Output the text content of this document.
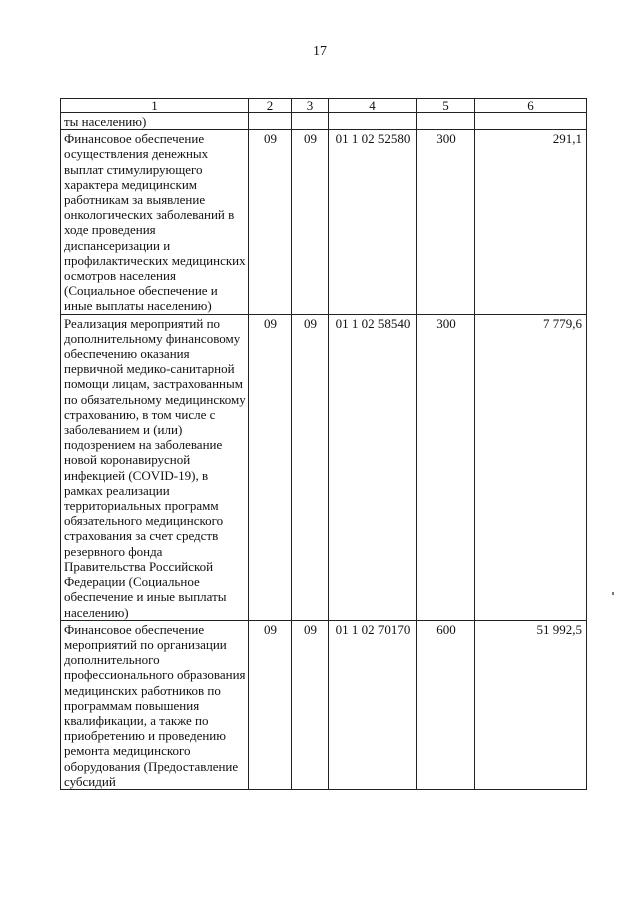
17
1	2	3	4	5	6
ты населению)					
Финансовое обеспечение осуществления денежных выплат стимулирующего характера медицинским работникам за выявление онкологических заболеваний в ходе проведения диспансеризации и профилактических медицинских осмотров населения (Социальное обеспечение и иные выплаты населению)	09	09	01 1 02 52580	300	291,1
Реализация мероприятий по дополнительному финансовому обеспечению оказания первичной медико-санитарной помощи лицам, застрахованным по обязательному медицинскому страхованию, в том числе с заболеванием и (или) подозрением на заболевание новой коронавирусной инфекцией (COVID-19), в рамках реализации территориальных программ обязательного медицинского страхования за счет средств резервного фонда Правительства Российской Федерации (Социальное обеспечение и иные выплаты населению)	09	09	01 1 02 58540	300	7 779,6
Финансовое обеспечение мероприятий по организации дополнительного профессионального образования медицинских работников по программам повышения квалификации, а также по приобретению и проведению ремонта медицинского оборудования (Предоставление субсидий	09	09	01 1 02 70170	600	51 992,5
